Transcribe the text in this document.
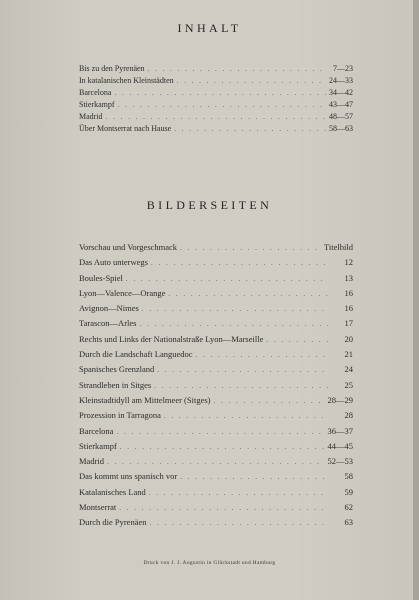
INHALT
Bis zu den Pyrenäen . . .	7—23
In katalanischen Kleinstädten . . .	24—33
Barcelona . . .	34—42
Stierkampf . . .	43—47
Madrid . . .	48—57
Über Montserrat nach Hause . . .	58—63
BILDERSEITEN
Vorschau und Vorgeschmack . . .	Titelbild
Das Auto unterwegs . . .	12
Boules-Spiel . . .	13
Lyon—Valence—Orange . . .	16
Avignon—Nimes . . .	16
Tarascon—Arles . . .	17
Rechts und Links der Nationalstraße Lyon—Marseille . . .	20
Durch die Landschaft Languedoc . . .	21
Spanisches Grenzland . . .	24
Strandleben in Sitges . . .	25
Kleinstadtidyll am Mittelmeer (Sitges) . . .	28—29
Prozession in Tarragona . . .	28
Barcelona . . .	36—37
Stierkampf . . .	44—45
Madrid . . .	52—53
Das kommt uns spanisch vor . . .	58
Katalanisches Land . . .	59
Montserrat . . .	62
Durch die Pyrenäen . . .	63
Druck von J. J. Augustin in Glückstadt und Hamburg
